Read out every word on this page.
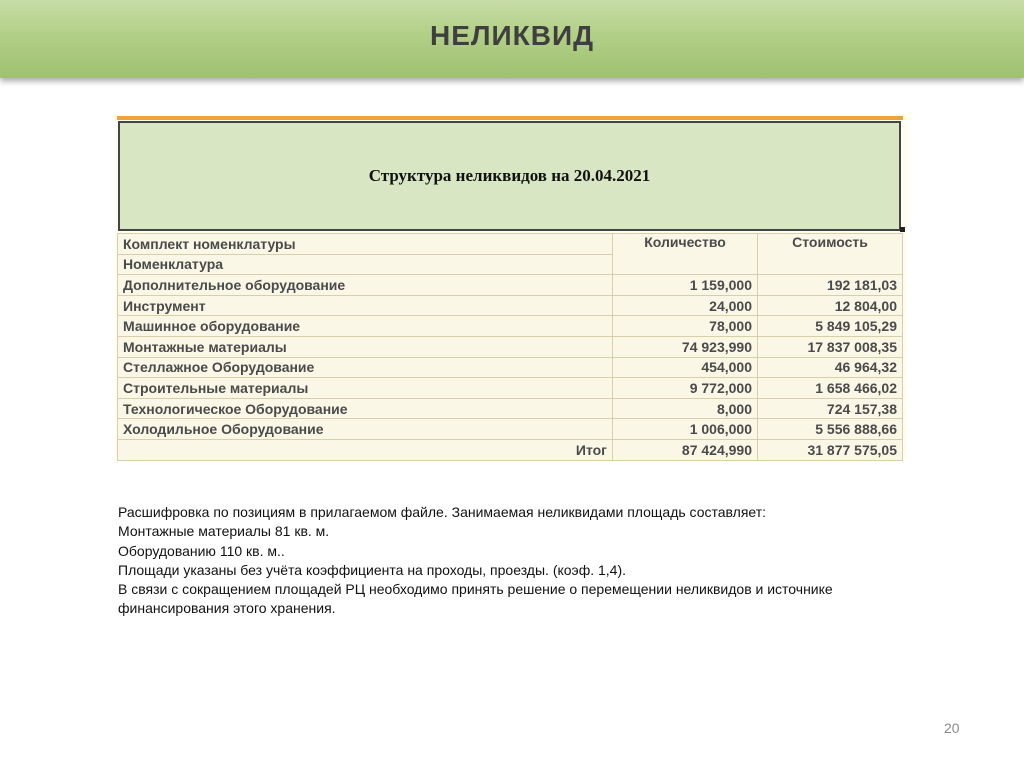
НЕЛИКВИД
Структура неликвидов на 20.04.2021
Комплект номенклатуры	Количество	Стоимость
Номенклатура		
Дополнительное оборудование	1 159,000	192 181,03
Инструмент	24,000	12 804,00
Машинное оборудование	78,000	5 849 105,29
Монтажные материалы	74 923,990	17 837 008,35
Стеллажное Оборудование	454,000	46 964,32
Строительные материалы	9 772,000	1 658 466,02
Технологическое Оборудование	8,000	724 157,38
Холодильное Оборудование	1 006,000	5 556 888,66
Итог	87 424,990	31 877 575,05
Расшифровка по позициям в прилагаемом файле. Занимаемая неликвидами площадь составляет:
Монтажные материалы 81 кв. м.
Оборудованию 110 кв. м..
Площади указаны без учёта коэффициента на проходы, проезды. (коэф. 1,4).
В связи с сокращением площадей РЦ необходимо принять решение о перемещении неликвидов и источнике
финансирования этого хранения.
20
